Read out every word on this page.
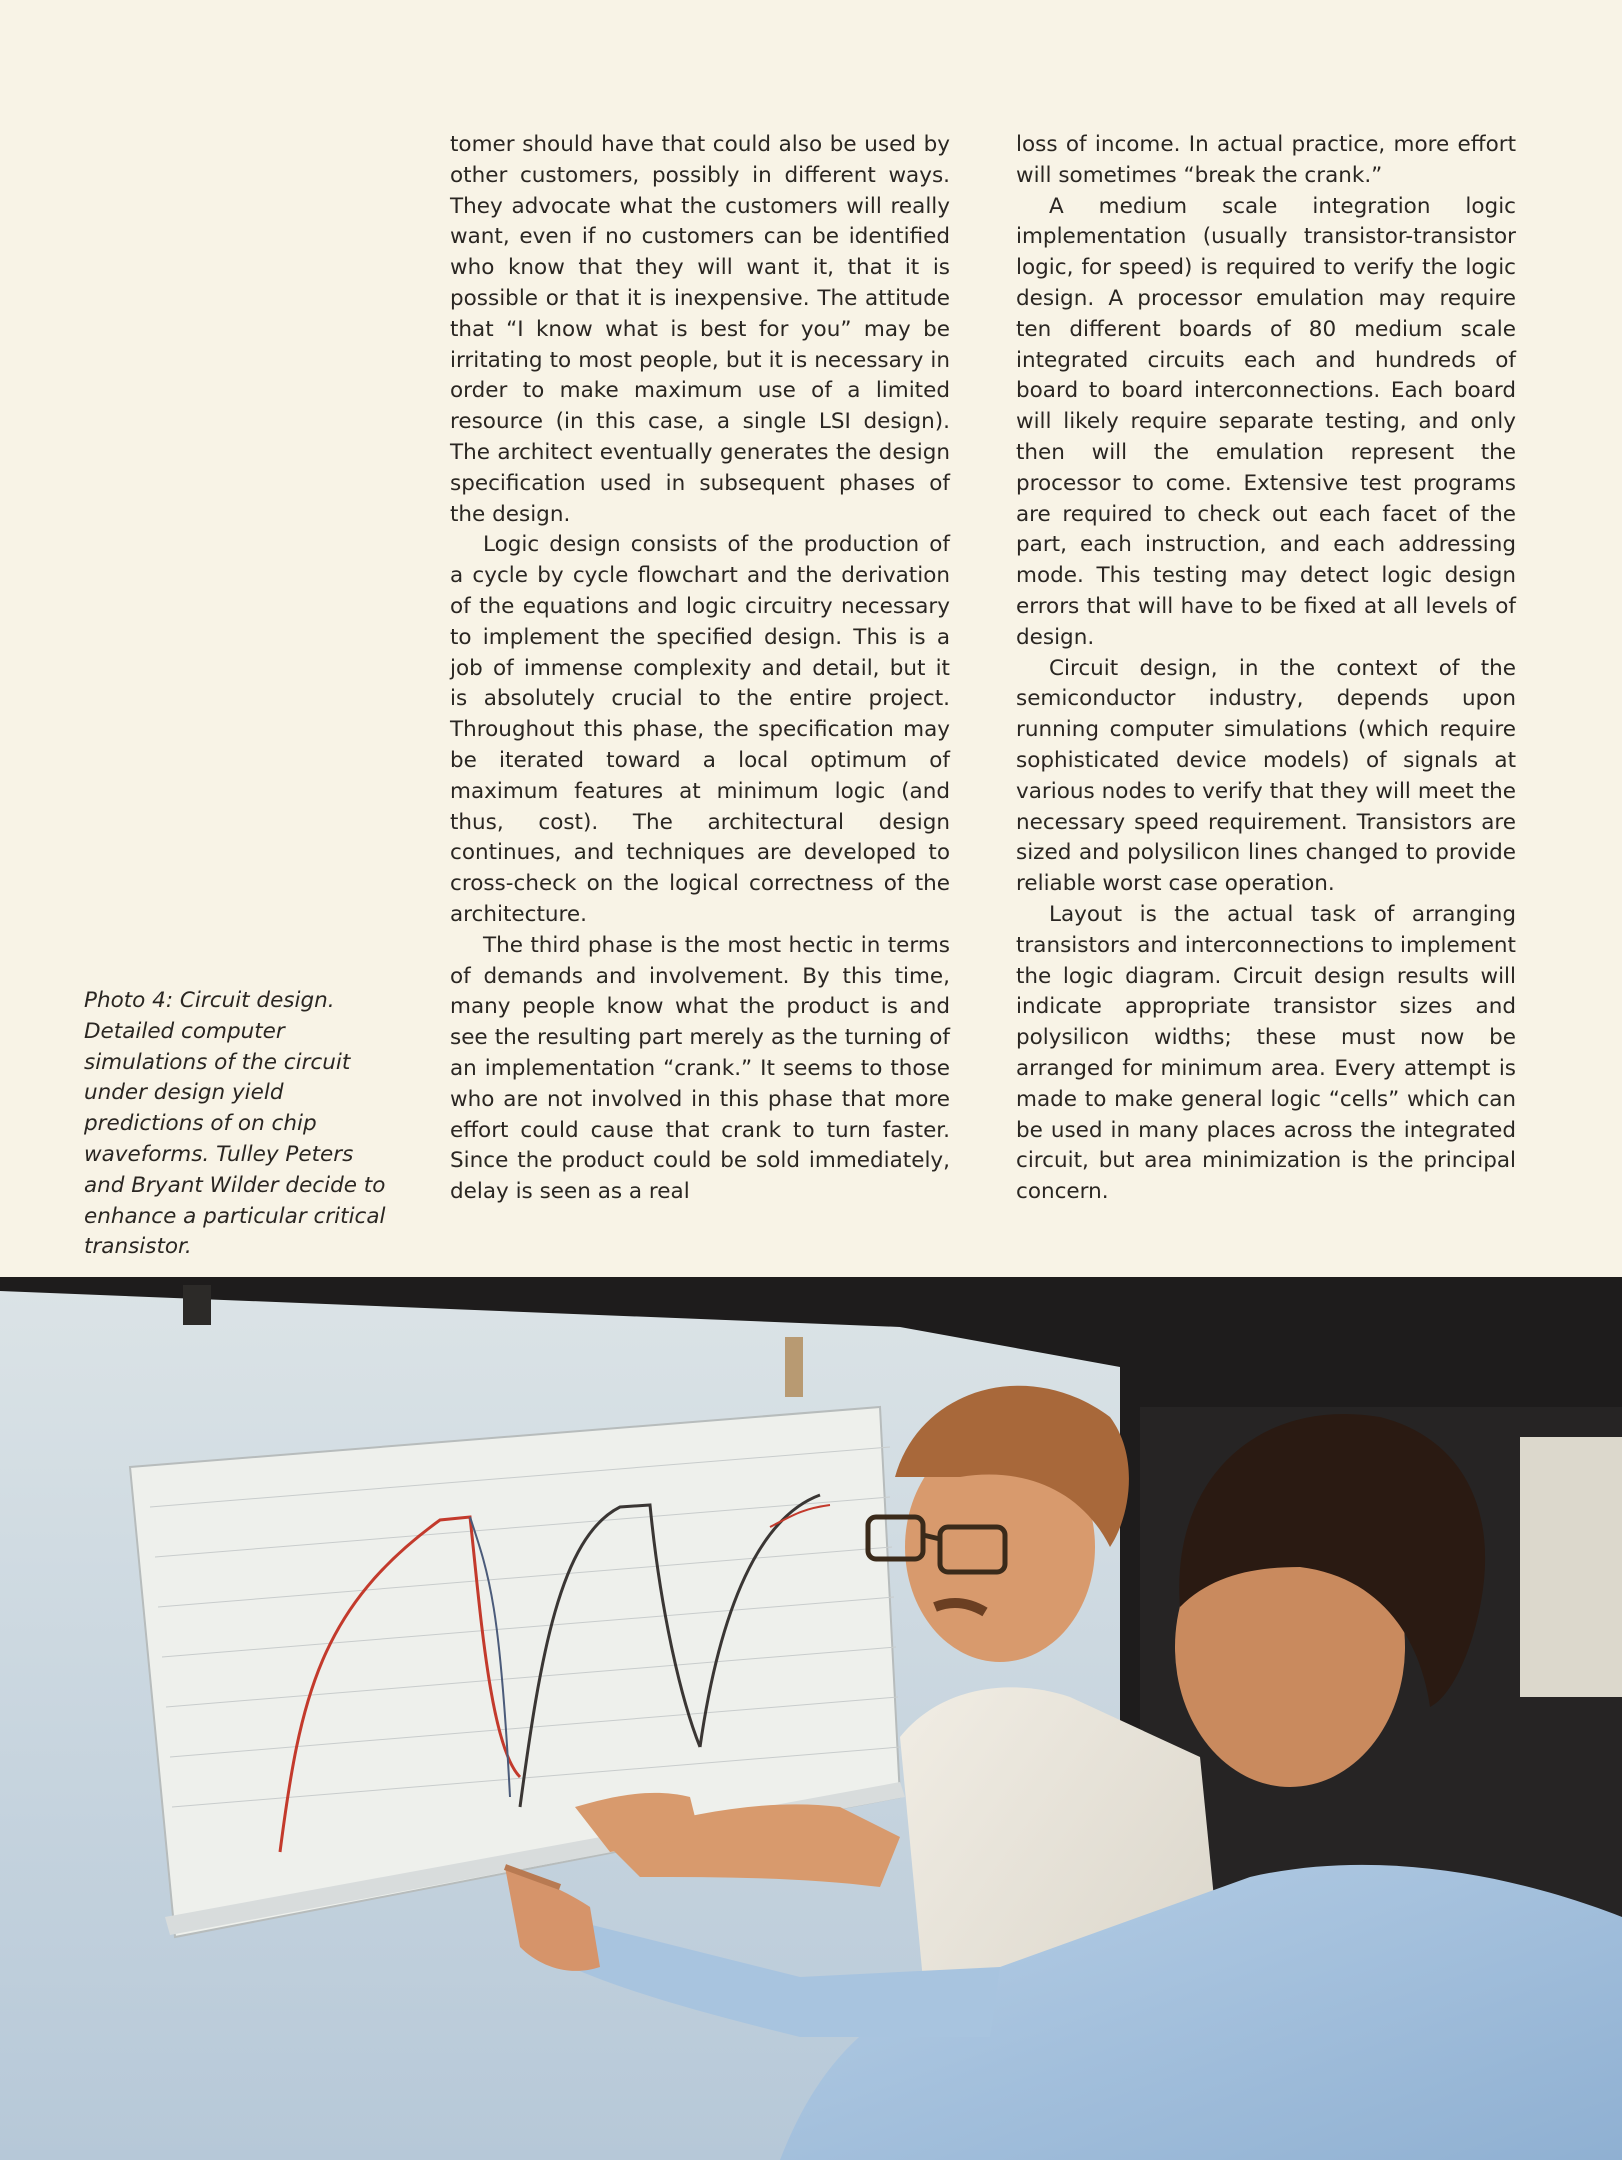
Photo 4: Circuit design. Detailed computer simulations of the circuit under design yield predictions of on chip waveforms. Tulley Peters and Bryant Wilder decide to enhance a particular critical transistor.

tomer should have that could also be used by other customers, possibly in different ways. They advocate what the customers will really want, even if no customers can be identified who know that they will want it, that it is possible or that it is inexpensive. The attitude that “I know what is best for you” may be irritating to most people, but it is necessary in order to make maximum use of a limited resource (in this case, a single LSI design). The architect eventually generates the design specification used in subsequent phases of the design.

Logic design consists of the production of a cycle by cycle flowchart and the derivation of the equations and logic circuitry necessary to implement the specified design. This is a job of immense complexity and detail, but it is absolutely crucial to the entire project. Throughout this phase, the specification may be iterated toward a local optimum of maximum features at minimum logic (and thus, cost). The architectural design continues, and techniques are developed to cross-check on the logical correctness of the architecture.

The third phase is the most hectic in terms of demands and involvement. By this time, many people know what the product is and see the resulting part merely as the turning of an implementation “crank.” It seems to those who are not involved in this phase that more effort could cause that crank to turn faster. Since the product could be sold immediately, delay is seen as a real

loss of income. In actual practice, more effort will sometimes “break the crank.”

A medium scale integration logic implementation (usually transistor-transistor logic, for speed) is required to verify the logic design. A processor emulation may require ten different boards of 80 medium scale integrated circuits each and hundreds of board to board interconnections. Each board will likely require separate testing, and only then will the emulation represent the processor to come. Extensive test programs are required to check out each facet of the part, each instruction, and each addressing mode. This testing may detect logic design errors that will have to be fixed at all levels of design.

Circuit design, in the context of the semiconductor industry, depends upon running computer simulations (which require sophisticated device models) of signals at various nodes to verify that they will meet the necessary speed requirement. Transistors are sized and polysilicon lines changed to provide reliable worst case operation.

Layout is the actual task of arranging transistors and interconnections to implement the logic diagram. Circuit design results will indicate appropriate transistor sizes and polysilicon widths; these must now be arranged for minimum area. Every attempt is made to make general logic “cells” which can be used in many places across the integrated circuit, but area minimization is the principal concern.
